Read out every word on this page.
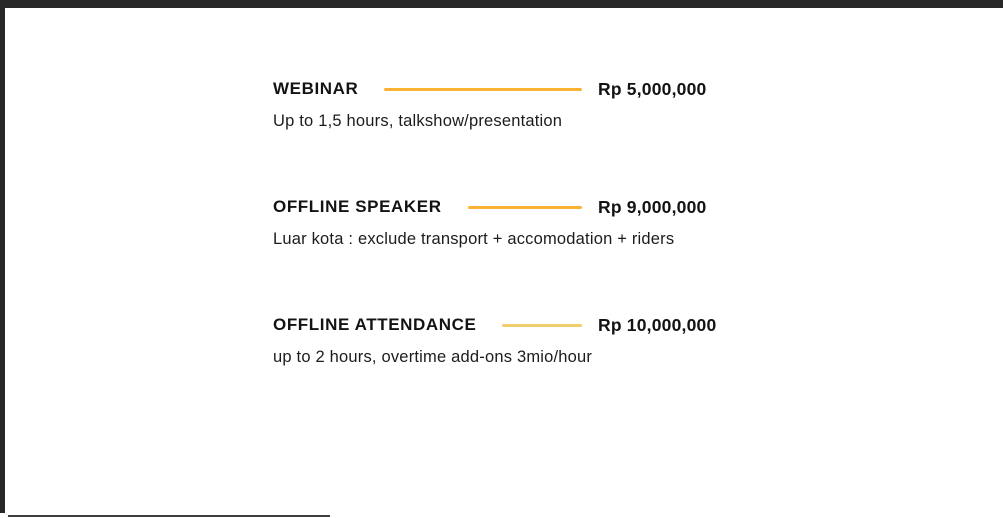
WEBINAR	Rp 5,000,000
Up to 1,5 hours, talkshow/presentation
OFFLINE SPEAKER	Rp 9,000,000
Luar kota : exclude transport + accomodation + riders
OFFLINE ATTENDANCE	Rp 10,000,000
up to 2 hours, overtime add-ons 3mio/hour
